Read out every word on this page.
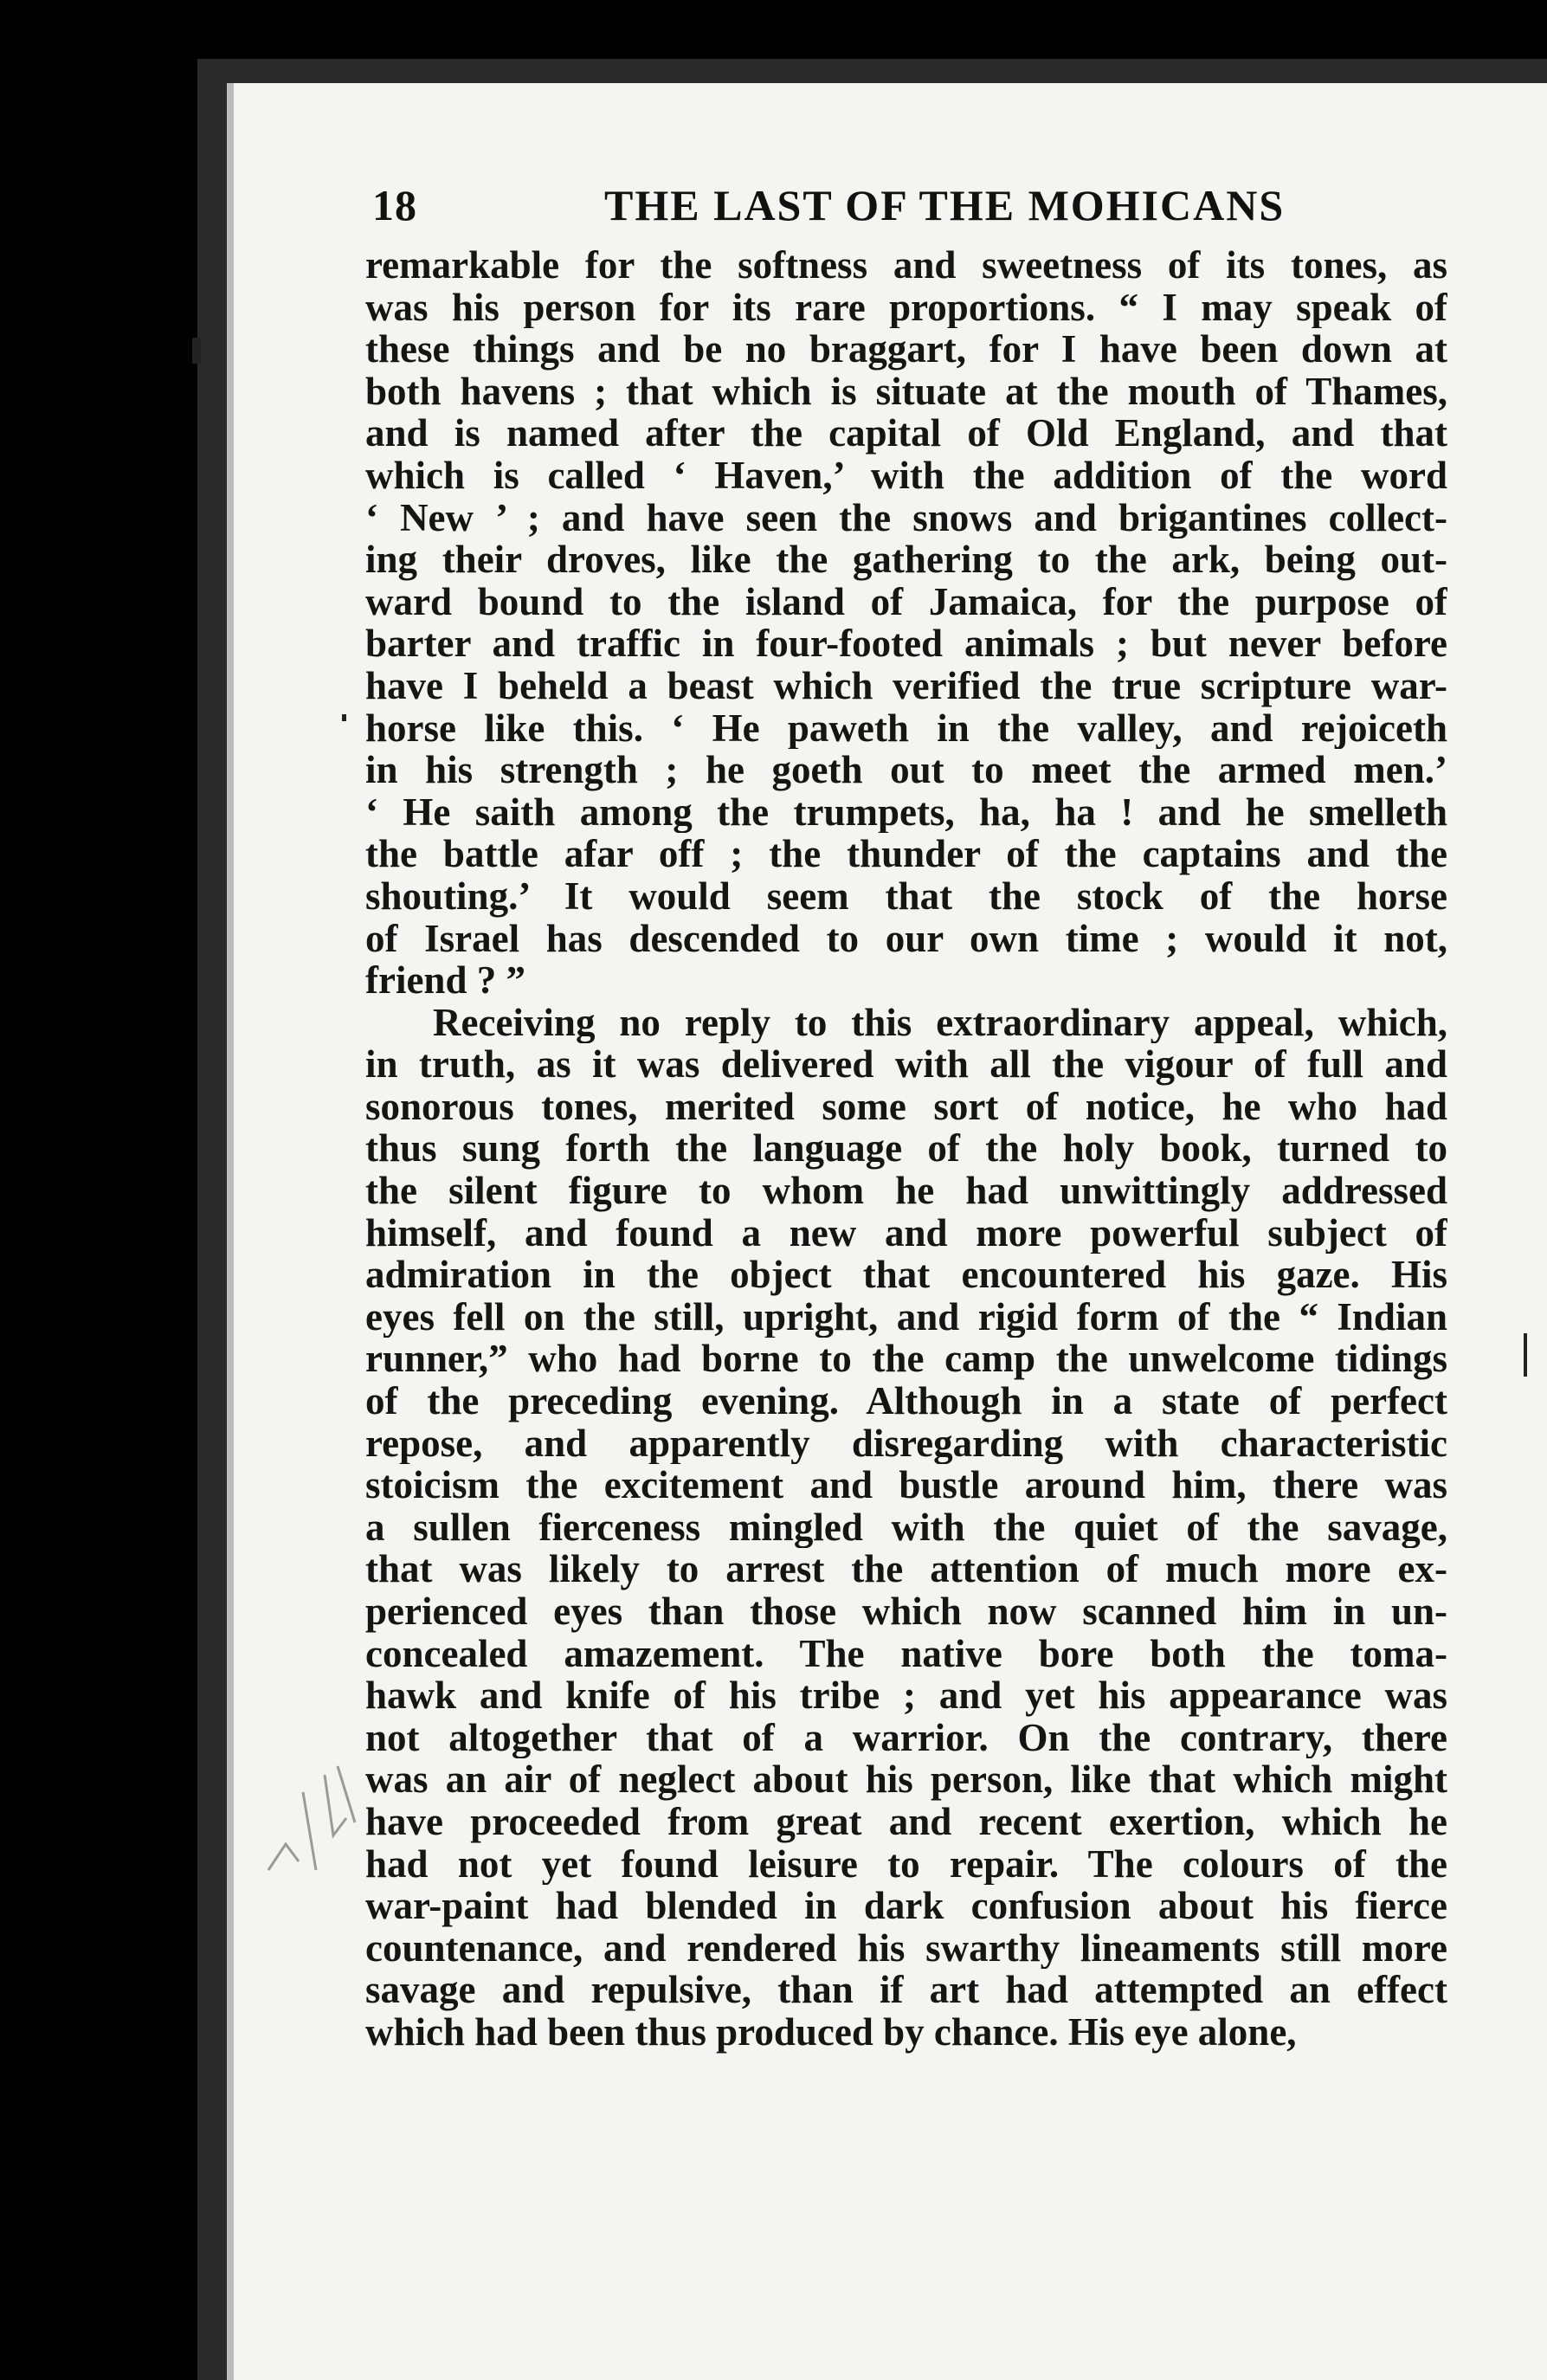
18	THE LAST OF THE MOHICANS
remarkable for the softness and sweetness of its tones, as
was his person for its rare proportions. “ I may speak of
these things and be no braggart, for I have been down at
both havens ; that which is situate at the mouth of Thames,
and is named after the capital of Old England, and that
which is called ‘ Haven,’ with the addition of the word
‘ New ’ ; and have seen the snows and brigantines collect-
ing their droves, like the gathering to the ark, being out-
ward bound to the island of Jamaica, for the purpose of
barter and traffic in four-footed animals ; but never before
have I beheld a beast which verified the true scripture war-
horse like this. ‘ He paweth in the valley, and rejoiceth
in his strength ; he goeth out to meet the armed men.’
‘ He saith among the trumpets, ha, ha ! and he smelleth
the battle afar off ; the thunder of the captains and the
shouting.’ It would seem that the stock of the horse
of Israel has descended to our own time ; would it not,
friend ? ”
Receiving no reply to this extraordinary appeal, which,
in truth, as it was delivered with all the vigour of full and
sonorous tones, merited some sort of notice, he who had
thus sung forth the language of the holy book, turned to
the silent figure to whom he had unwittingly addressed
himself, and found a new and more powerful subject of
admiration in the object that encountered his gaze. His
eyes fell on the still, upright, and rigid form of the “ Indian
runner,” who had borne to the camp the unwelcome tidings
of the preceding evening. Although in a state of perfect
repose, and apparently disregarding with characteristic
stoicism the excitement and bustle around him, there was
a sullen fierceness mingled with the quiet of the savage,
that was likely to arrest the attention of much more ex-
perienced eyes than those which now scanned him in un-
concealed amazement. The native bore both the toma-
hawk and knife of his tribe ; and yet his appearance was
not altogether that of a warrior. On the contrary, there
was an air of neglect about his person, like that which might
have proceeded from great and recent exertion, which he
had not yet found leisure to repair. The colours of the
war-paint had blended in dark confusion about his fierce
countenance, and rendered his swarthy lineaments still more
savage and repulsive, than if art had attempted an effect
which had been thus produced by chance. His eye alone,
